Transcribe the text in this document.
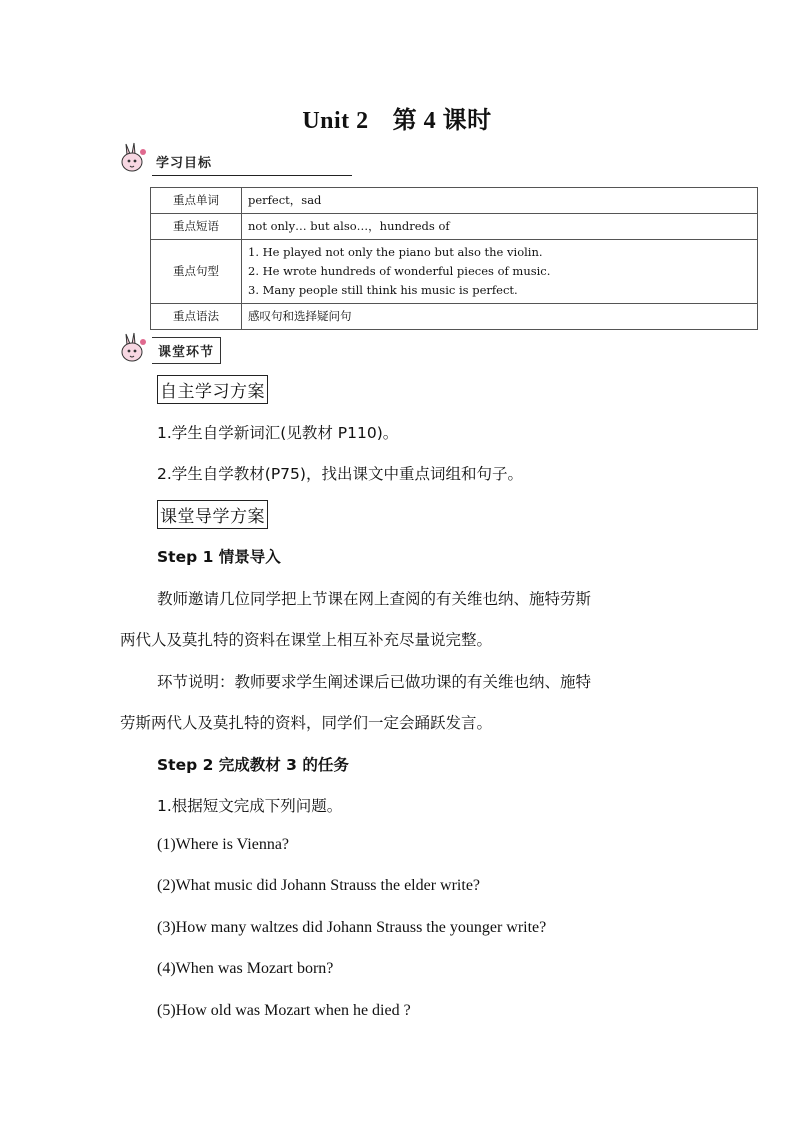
Unit 2 第 4 课时
学习目标
重点单词	perfect，sad
重点短语	not only… but also…，hundreds of
重点句型	1. He played not only the piano but also the violin.
2. He wrote hundreds of wonderful pieces of music.
3. Many people still think his music is perfect.

重点语法	感叹句和选择疑问句
课堂环节
自主学习方案
1.学生自学新词汇(见教材 P110)。
2.学生自学教材(P75)，找出课文中重点词组和句子。
课堂导学方案
Step 1 情景导入
教师邀请几位同学把上节课在网上查阅的有关维也纳、施特劳斯
两代人及莫扎特的资料在课堂上相互补充尽量说完整。
环节说明：教师要求学生阐述课后已做功课的有关维也纳、施特
劳斯两代人及莫扎特的资料，同学们一定会踊跃发言。
Step 2 完成教材 3 的任务
1.根据短文完成下列问题。
(1)Where is Vienna?
(2)What music did Johann Strauss the elder write?
(3)How many waltzes did Johann Strauss the younger write?
(4)When was Mozart born?
(5)How old was Mozart when he died ?
